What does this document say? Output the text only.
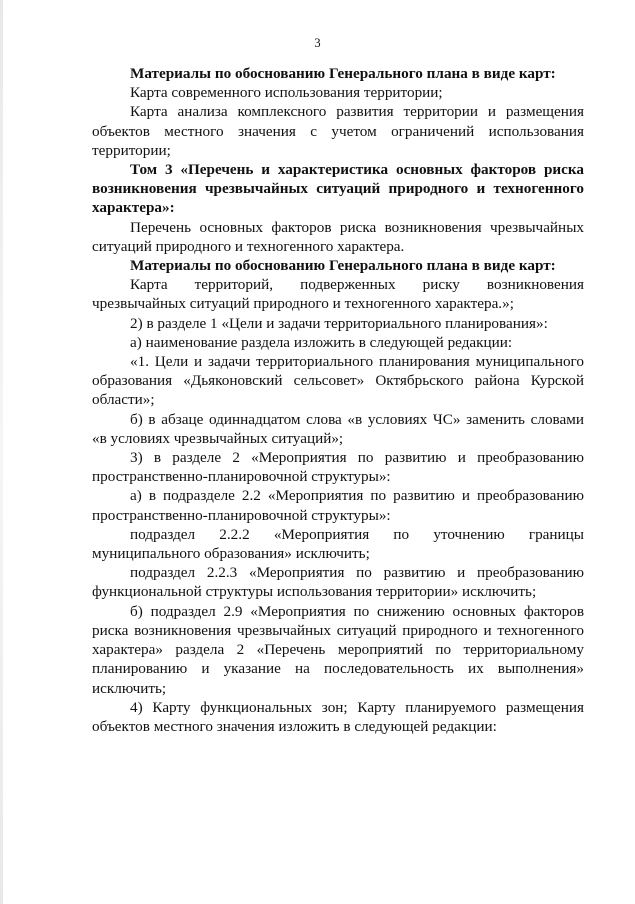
3

Материалы по обоснованию Генерального плана в виде карт:

Карта современного использования территории;

Карта анализа комплексного развития территории и размещения объектов местного значения с учетом ограничений использования территории;

Том 3 «Перечень и характеристика основных факторов риска возникновения чрезвычайных ситуаций природного и техногенного характера»:

Перечень основных факторов риска возникновения чрезвычайных ситуаций природного и техногенного характера.

Материалы по обоснованию Генерального плана в виде карт:

Карта территорий, подверженных риску возникновения чрезвычайных ситуаций природного и техногенного характера.»;

2) в разделе 1 «Цели и задачи территориального планирования»:

а) наименование раздела изложить в следующей редакции:

«1. Цели и задачи территориального планирования муниципального образования «Дьяконовский сельсовет» Октябрьского района Курской области»;

б) в абзаце одиннадцатом слова «в условиях ЧС» заменить словами «в условиях чрезвычайных ситуаций»;

3) в разделе 2 «Мероприятия по развитию и преобразованию пространственно-планировочной структуры»:

а) в подразделе 2.2 «Мероприятия по развитию и преобразованию пространственно-планировочной структуры»:

подраздел 2.2.2 «Мероприятия по уточнению границы муниципального образования» исключить;

подраздел 2.2.3 «Мероприятия по развитию и преобразованию функциональной структуры использования территории» исключить;

б) подраздел 2.9 «Мероприятия по снижению основных факторов риска возникновения чрезвычайных ситуаций природного и техногенного характера» раздела 2 «Перечень мероприятий по территориальному планированию и указание на последовательность их выполнения» исключить;

4) Карту функциональных зон; Карту планируемого размещения объектов местного значения изложить в следующей редакции:
